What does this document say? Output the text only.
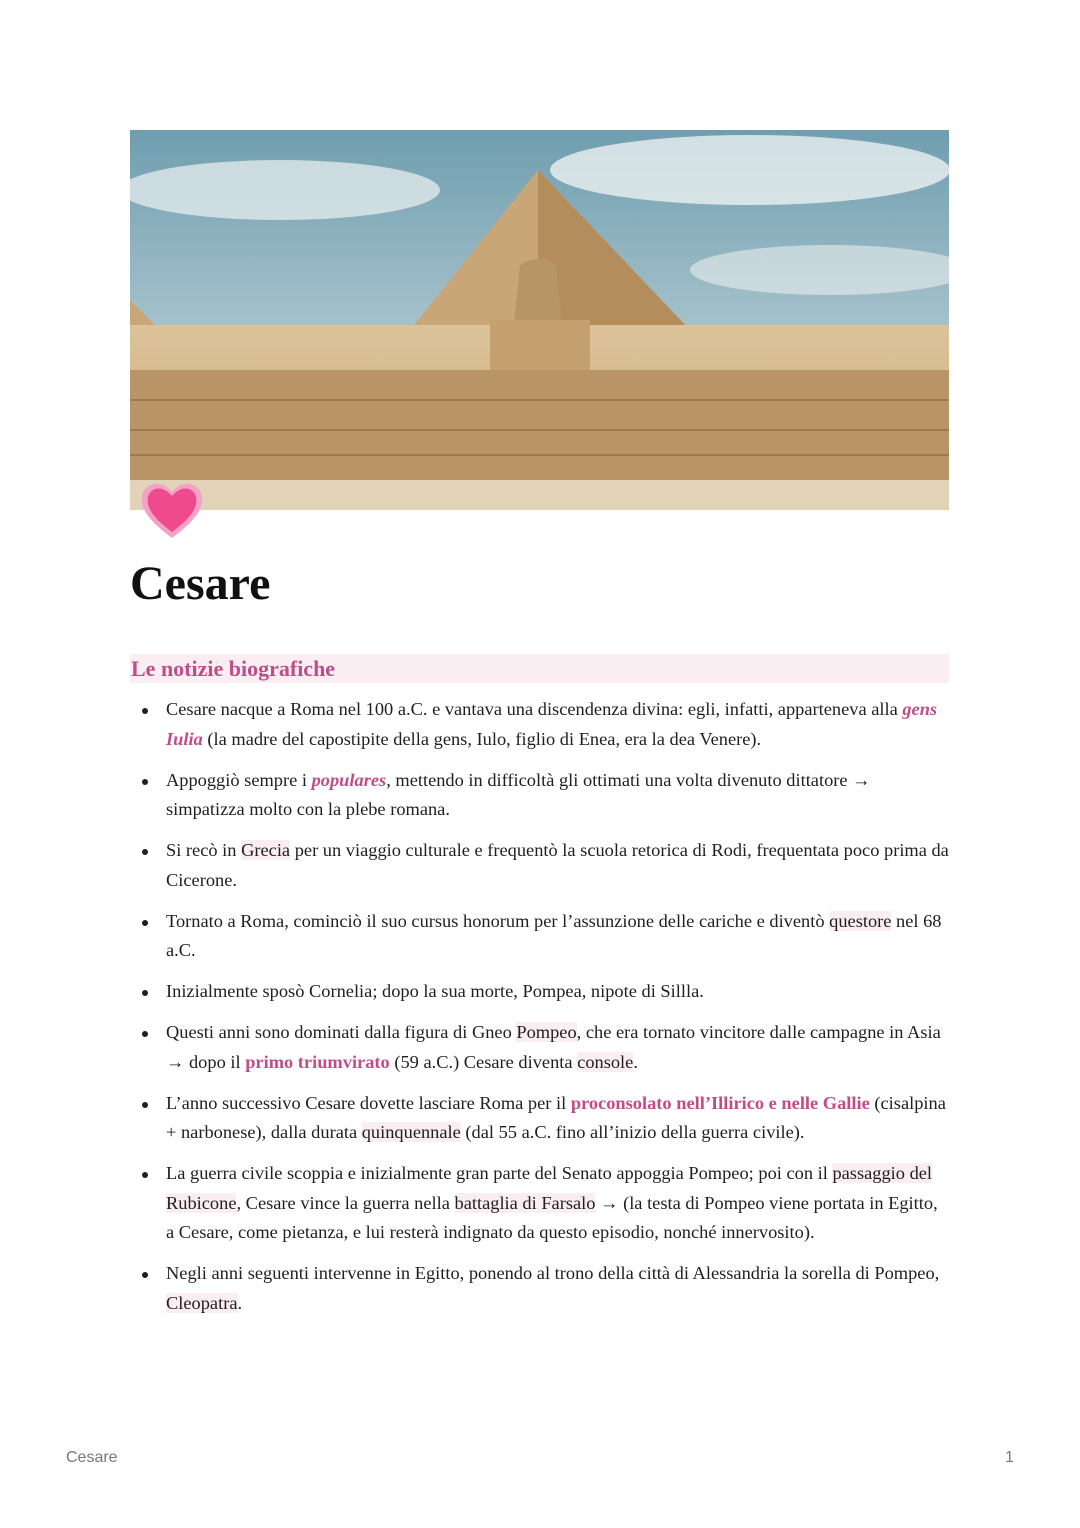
Cesare
Le notizie biografiche
Cesare nacque a Roma nel 100 a.C. e vantava una discendenza divina: egli, infatti, apparteneva alla gens Iulia (la madre del capostipite della gens, Iulo, figlio di Enea, era la dea Venere).
Appoggiò sempre i populares, mettendo in difficoltà gli ottimati una volta divenuto dittatore → simpatizza molto con la plebe romana.
Si recò in Grecia per un viaggio culturale e frequentò la scuola retorica di Rodi, frequentata poco prima da Cicerone.
Tornato a Roma, cominciò il suo cursus honorum per l’assunzione delle cariche e diventò questore nel 68 a.C.
Inizialmente sposò Cornelia; dopo la sua morte, Pompea, nipote di Sillla.
Questi anni sono dominati dalla figura di Gneo Pompeo, che era tornato vincitore dalle campagne in Asia → dopo il primo triumvirato (59 a.C.) Cesare diventa console.
L’anno successivo Cesare dovette lasciare Roma per il proconsolato nell’Illirico e nelle Gallie (cisalpina + narbonese), dalla durata quinquennale (dal 55 a.C. fino all’inizio della guerra civile).
La guerra civile scoppia e inizialmente gran parte del Senato appoggia Pompeo; poi con il passaggio del Rubicone, Cesare vince la guerra nella battaglia di Farsalo → (la testa di Pompeo viene portata in Egitto, a Cesare, come pietanza, e lui resterà indignato da questo episodio, nonché innervosito).
Negli anni seguenti intervenne in Egitto, ponendo al trono della città di Alessandria la sorella di Pompeo, Cleopatra.
Cesare	1
